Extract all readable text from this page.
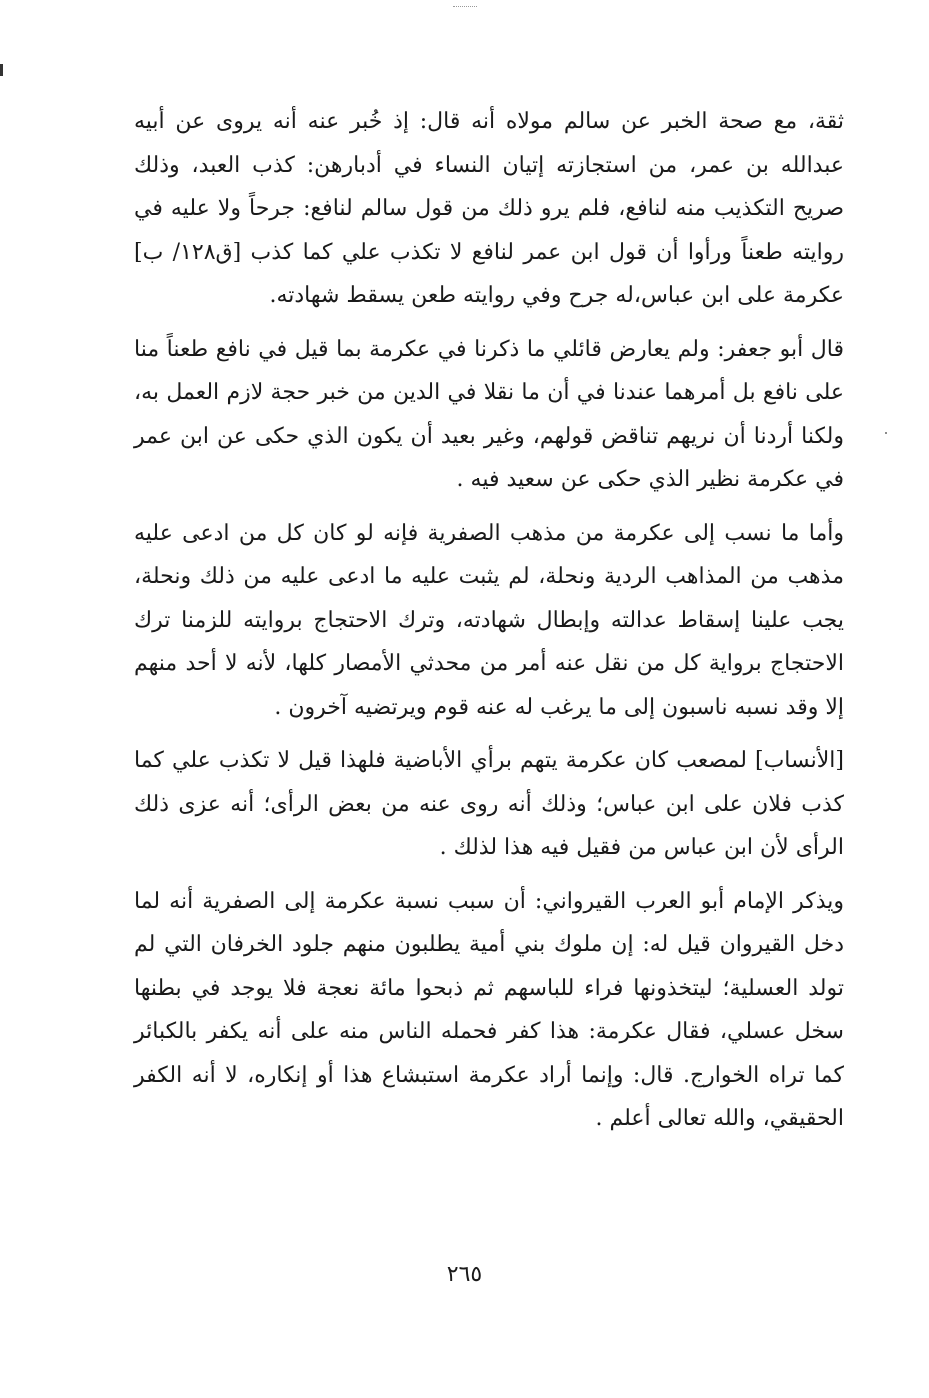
ثقة، مع صحة الخبر عن سالم مولاه أنه قال: إذ خُبر عنه أنه يروى عن أبيه عبدالله بن عمر، من استجازته إتيان النساء في أدبارهن: كذب العبد، وذلك صريح التكذيب منه لنافع، فلم يرو ذلك من قول سالم لنافع: جرحاً ولا عليه في روايته طعناً ورأوا أن قول ابن عمر لنافع لا تكذب علي كما كذب [ق١٢٨/ ب] عكرمة على ابن عباس،له جرح وفي روايته طعن يسقط شهادته.

قال أبو جعفر: ولم يعارض قائلي ما ذكرنا في عكرمة بما قيل في نافع طعناً منا على نافع بل أمرهما عندنا في أن ما نقلا في الدين من خبر حجة لازم العمل به، ولكنا أردنا أن نريهم تناقض قولهم، وغير بعيد أن يكون الذي حكى عن ابن عمر في عكرمة نظير الذي حكى عن سعيد فيه .

وأما ما نسب إلى عكرمة من مذهب الصفرية فإنه لو كان كل من ادعى عليه مذهب من المذاهب الردية ونحلة، لم يثبت عليه ما ادعى عليه من ذلك ونحلة، يجب علينا إسقاط عدالته وإبطال شهادته، وترك الاحتجاج بروايته للزمنا ترك الاحتجاج برواية كل من نقل عنه أمر من محدثي الأمصار كلها، لأنه لا أحد منهم إلا وقد نسبه ناسبون إلى ما يرغب له عنه قوم ويرتضيه آخرون .

[الأنساب] لمصعب كان عكرمة يتهم برأي الأباضية فلهذا قيل لا تكذب علي كما كذب فلان على ابن عباس؛ وذلك أنه روى عنه من بعض الرأى؛ أنه عزى ذلك الرأى لأن ابن عباس من فقيل فيه هذا لذلك .

ويذكر الإمام أبو العرب القيرواني: أن سبب نسبة عكرمة إلى الصفرية أنه لما دخل القيروان قيل له: إن ملوك بني أمية يطلبون منهم جلود الخرفان التي لم تولد العسلية؛ ليتخذونها فراء للباسهم ثم ذبحوا مائة نعجة فلا يوجد في بطنها سخل عسلي، فقال عكرمة: هذا كفر فحمله الناس منه على أنه يكفر بالكبائر كما تراه الخوارج. قال: وإنما أراد عكرمة استبشاع هذا أو إنكاره، لا أنه الكفر الحقيقي، والله تعالى أعلم .

٢٦٥
